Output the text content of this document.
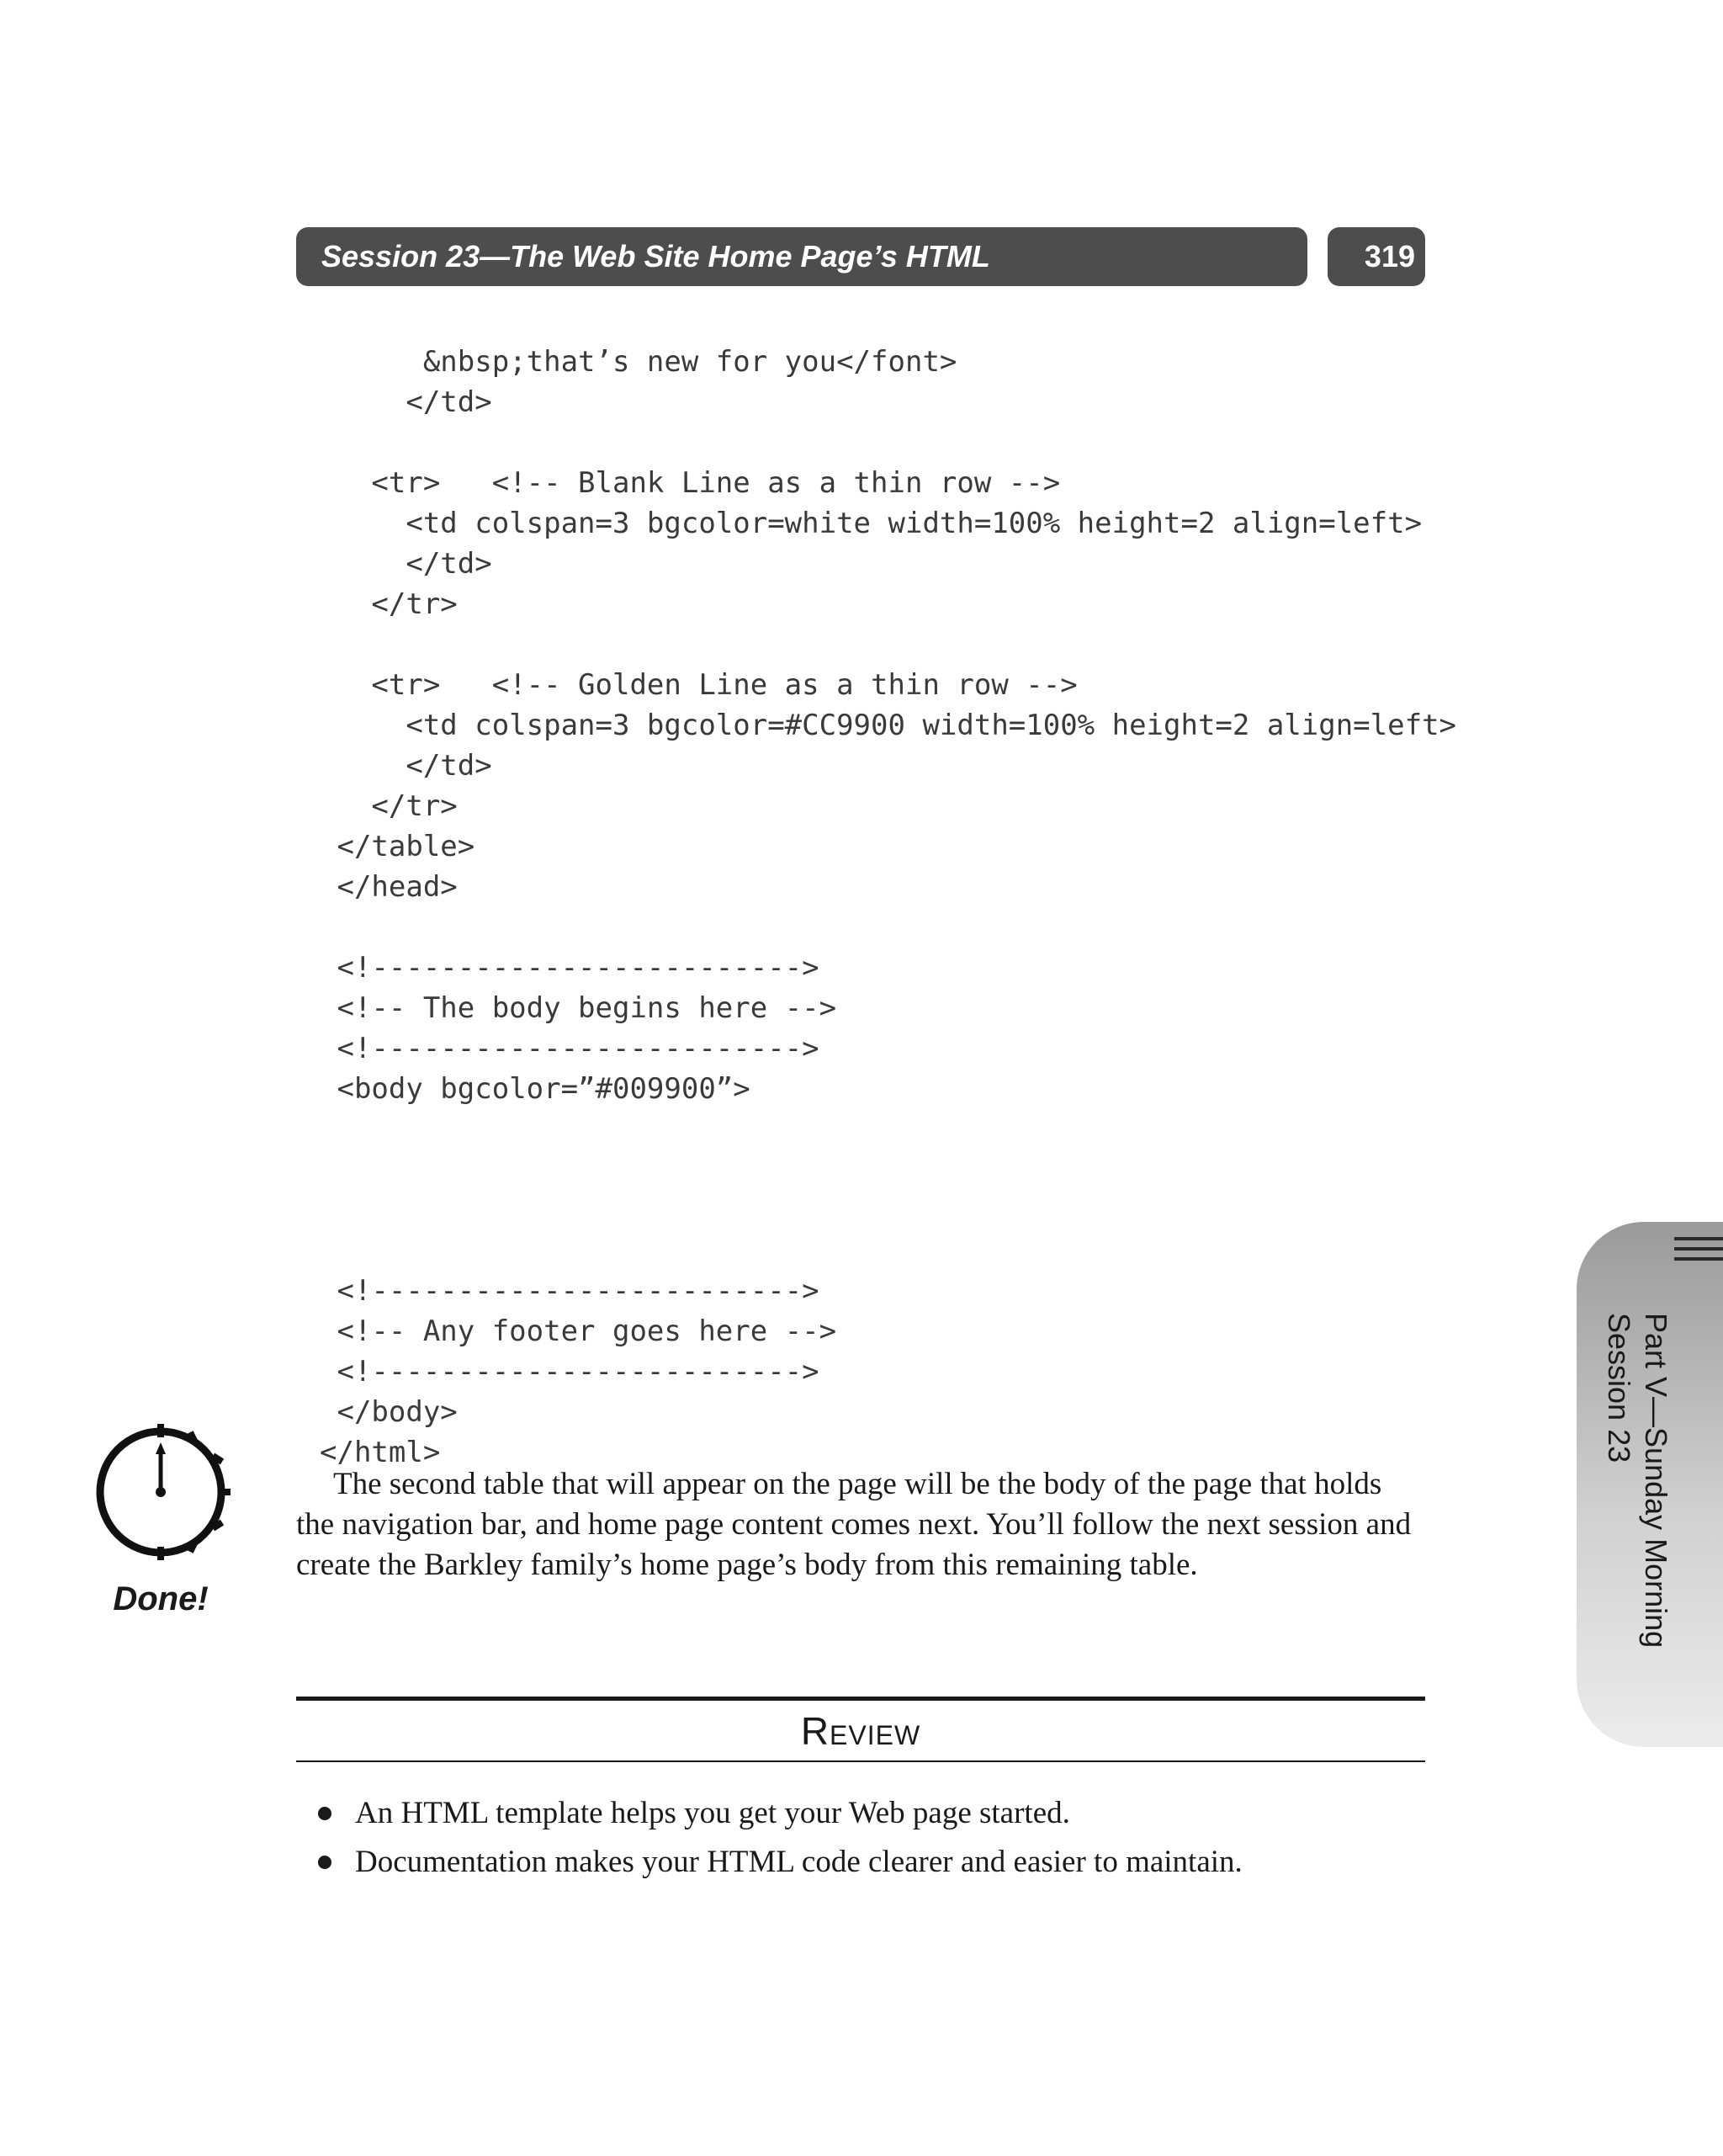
Session 23—The Web Site Home Page’s HTML	319
&nbsp;that’s new for you</font>
</td>
<tr>   <!-- Blank Line as a thin row -->
<td colspan=3 bgcolor=white width=100% height=2 align=left>
</td>
</tr>
<tr>   <!-- Golden Line as a thin row -->
<td colspan=3 bgcolor=#CC9900 width=100% height=2 align=left>
</td>
</tr>
</table>
</head>
<!------------------------->
<!-- The body begins here -->
<!------------------------->
<body bgcolor=”#009900”>
<!------------------------->
<!-- Any footer goes here -->
<!------------------------->
</body>
</html>
Done!

The second table that will appear on the page will be the body of the page that holds the navigation bar, and home page content comes next. You’ll follow the next session and create the Barkley family’s home page’s body from this remaining table.

Review
An HTML template helps you get your Web page started.
Documentation makes your HTML code clearer and easier to maintain.
Part V—Sunday Morning
Session 23
